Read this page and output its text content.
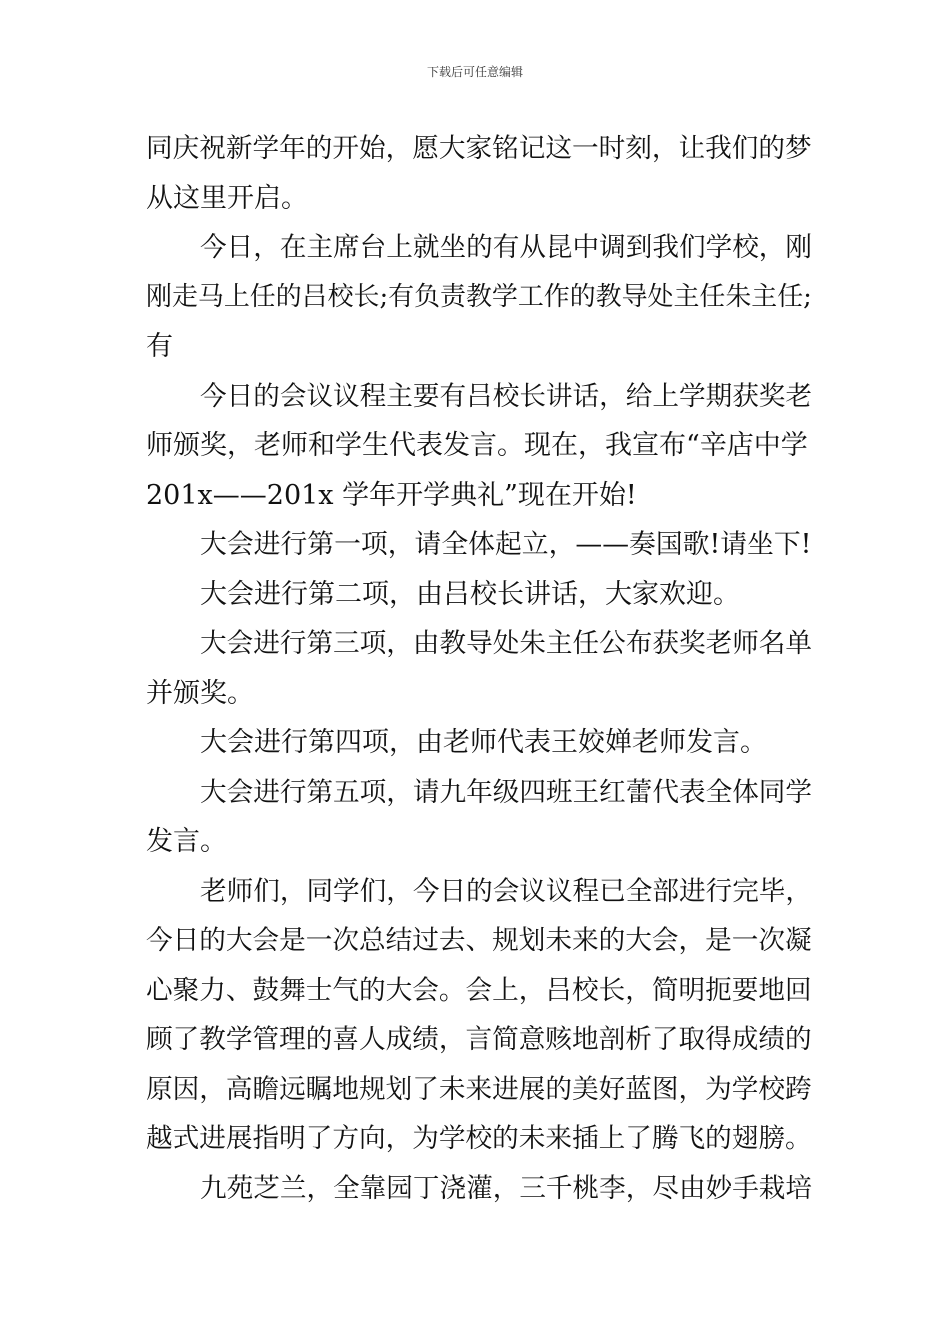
下载后可任意编辑
同庆祝新学年的开始，愿大家铭记这一时刻，让我们的梦
从这里开启。
今日，在主席台上就坐的有从昆中调到我们学校，刚
刚走马上任的吕校长;有负责教学工作的教导处主任朱主任;
有
今日的会议议程主要有吕校长讲话，给上学期获奖老
师颁奖，老师和学生代表发言。现在，我宣布“辛店中学
201x——201x 学年开学典礼”现在开始!
大会进行第一项，请全体起立，——奏国歌!请坐下!
大会进行第二项，由吕校长讲话，大家欢迎。
大会进行第三项，由教导处朱主任公布获奖老师名单
并颁奖。
大会进行第四项，由老师代表王姣婵老师发言。
大会进行第五项，请九年级四班王红蕾代表全体同学
发言。
老师们，同学们，今日的会议议程已全部进行完毕，
今日的大会是一次总结过去、规划未来的大会，是一次凝
心聚力、鼓舞士气的大会。会上，吕校长，简明扼要地回
顾了教学管理的喜人成绩，言简意赅地剖析了取得成绩的
原因，高瞻远瞩地规划了未来进展的美好蓝图，为学校跨
越式进展指明了方向，为学校的未来插上了腾飞的翅膀。
九苑芝兰，全靠园丁浇灌，三千桃李，尽由妙手栽培
